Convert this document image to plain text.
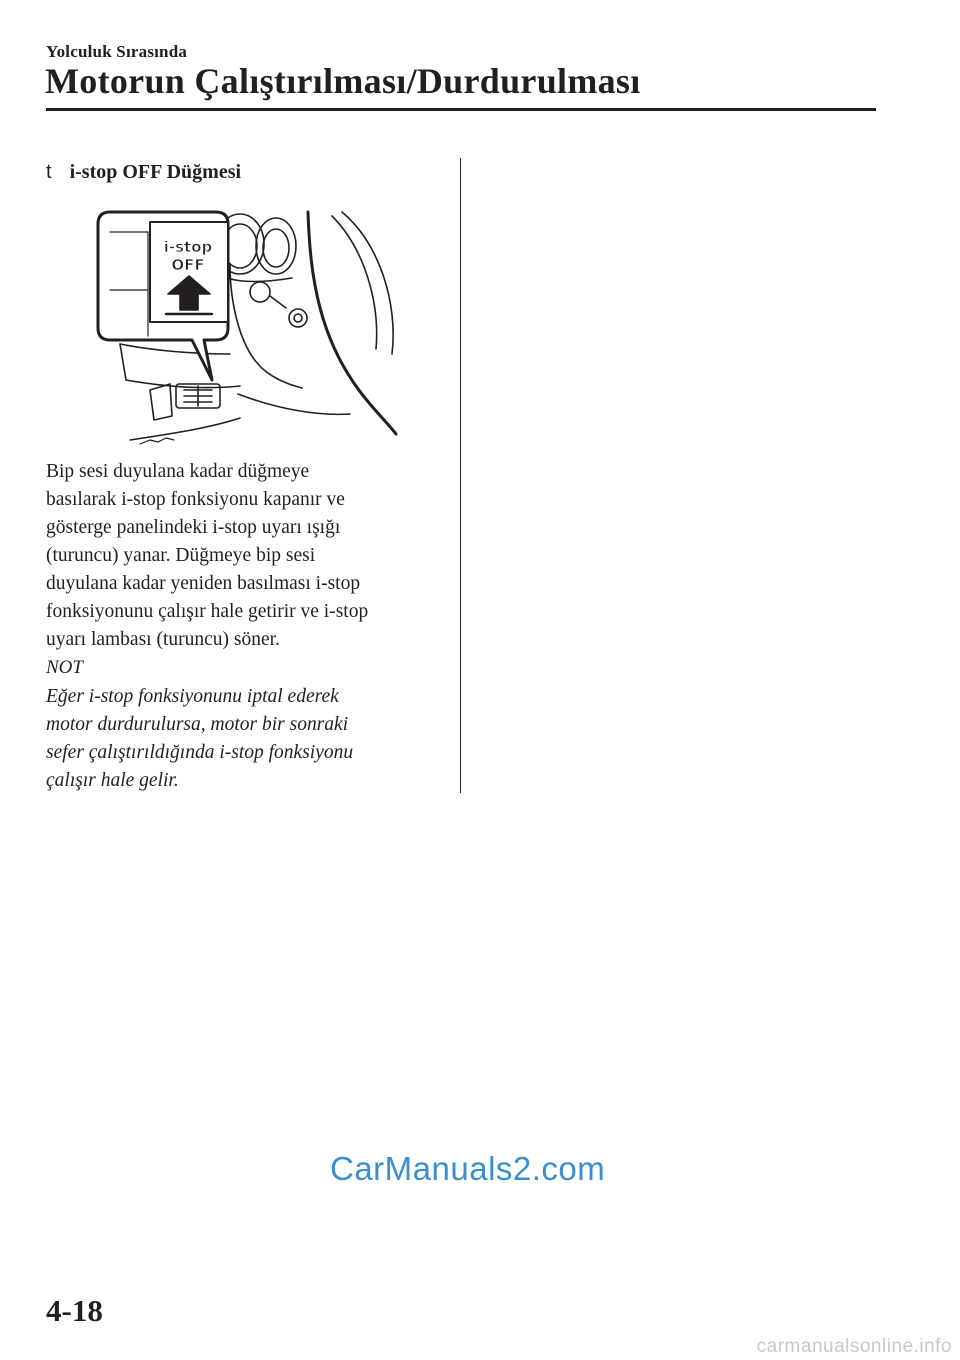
Yolculuk Sırasında
Motorun Çalıştırılması/Durdurulması
t i-stop OFF Düğmesi
i-stop
OFF

Bip sesi duyulana kadar düğmeye
basılarak i-stop fonksiyonu kapanır ve
gösterge panelindeki i-stop uyarı ışığı
(turuncu) yanar. Düğmeye bip sesi
duyulana kadar yeniden basılması i-stop
fonksiyonunu çalışır hale getirir ve i-stop
uyarı lambası (turuncu) söner.

NOT

Eğer i-stop fonksiyonunu iptal ederek
motor durdurulursa, motor bir sonraki
sefer çalıştırıldığında i-stop fonksiyonu
çalışır hale gelir.

CarManuals2.com
4-18
carmanualsonline.info
